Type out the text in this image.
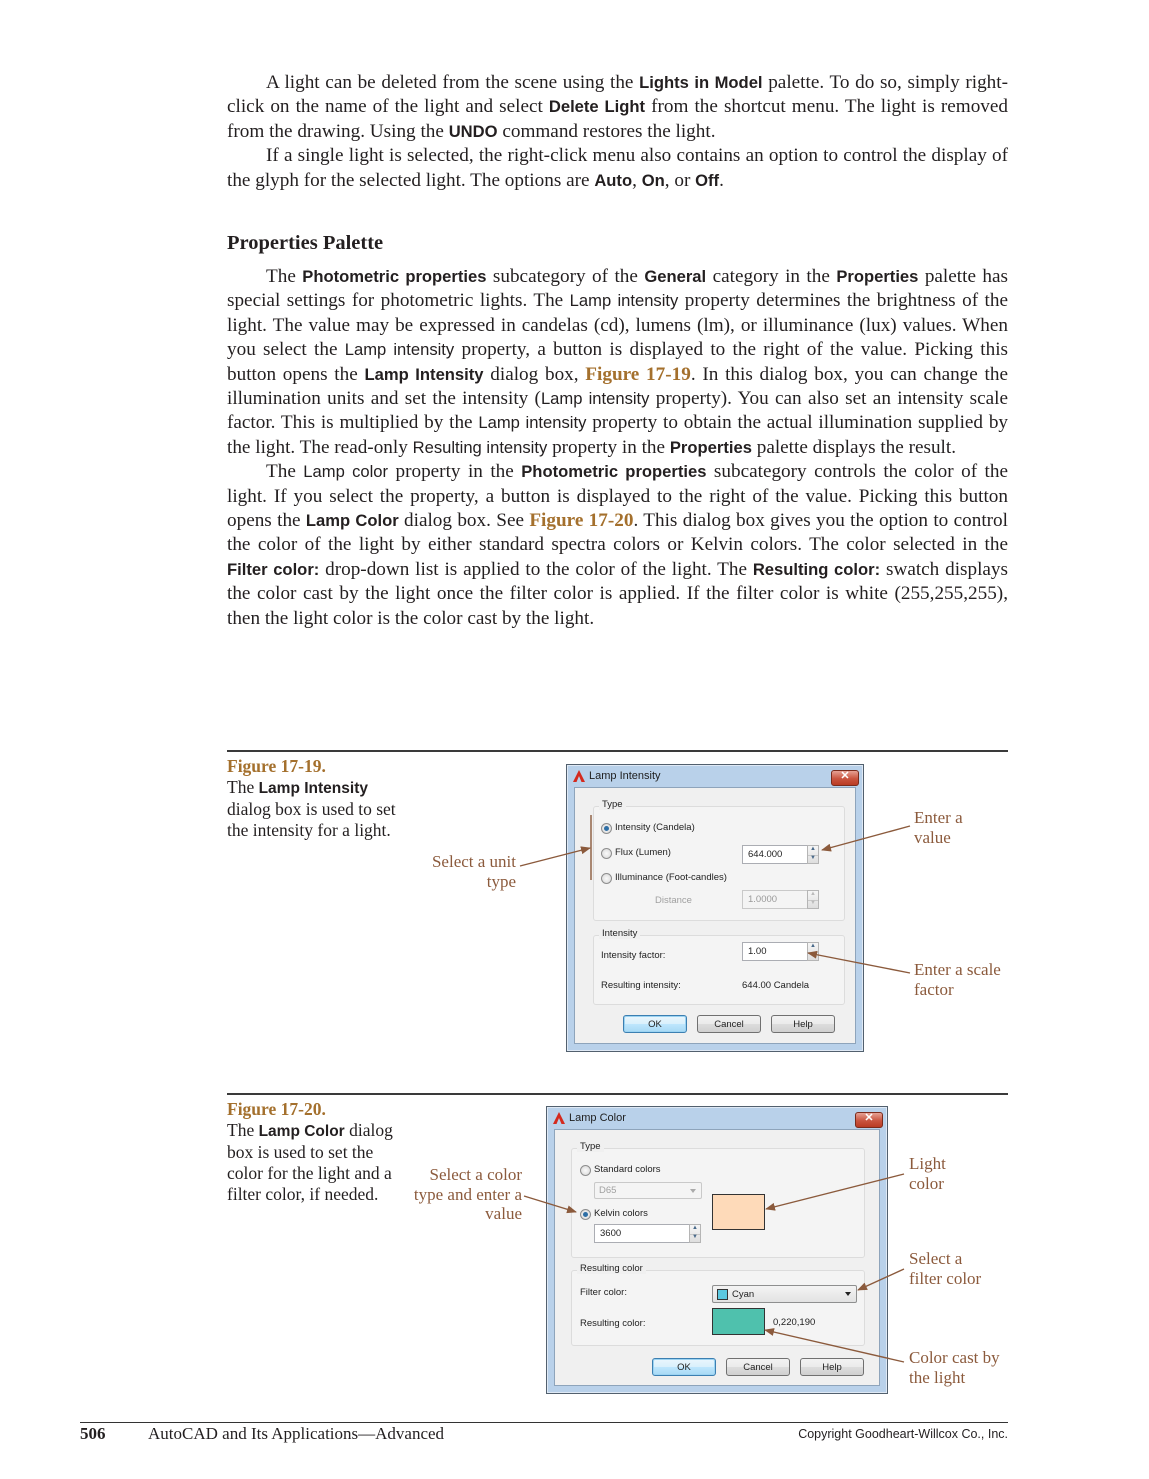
A light can be deleted from the scene using the Lights in Model palette. To do so, simply right-click on the name of the light and select Delete Light from the shortcut menu. The light is removed from the drawing. Using the UNDO command restores the light.

If a single light is selected, the right-click menu also contains an option to control the display of the glyph for the selected light. The options are Auto, On, or Off.

Properties Palette

The Photometric properties subcategory of the General category in the Properties palette has special settings for photometric lights. The Lamp intensity property determines the brightness of the light. The value may be expressed in candelas (cd), lumens (lm), or illuminance (lux) values. When you select the Lamp intensity property, a button is displayed to the right of the value. Picking this button opens the Lamp Intensity dialog box, Figure 17-19. In this dialog box, you can change the illumination units and set the intensity (Lamp intensity property). You can also set an intensity scale factor. This is multiplied by the Lamp intensity property to obtain the actual illumination supplied by the light. The read-only Resulting intensity property in the Properties palette displays the result.

The Lamp color property in the Photometric properties subcategory controls the color of the light. If you select the property, a button is displayed to the right of the value. Picking this button opens the Lamp Color dialog box. See Figure 17-20. This dialog box gives you the option to control the color of the light by either standard spectra colors or Kelvin colors. The color selected in the Filter color: drop-down list is applied to the color of the light. The Resulting color: swatch displays the color cast by the light once the filter color is applied. If the filter color is white (255,255,255), then the light color is the color cast by the light.

Figure 17-19.
The Lamp Intensity dialog box is used to set the intensity for a light.
Select a unit type
Enter a value
Enter a scale factor
Lamp Intensity	✕
Type
Intensity (Candela)
Flux (Lumen)
Illuminance (Foot-candles)
644.000	▲
▼
Distance	1.0000	▲
▼
Intensity
Intensity factor:	1.00	▲
▼
Resulting intensity:	644.00 Candela
OK	Cancel	Help
Figure 17-20.
The Lamp Color dialog box is used to set the color for the light and a filter color, if needed.
Select a color type and enter a value
Light color
Select a filter color
Color cast by the light
Lamp Color	✕
Type
Standard colors
D65
Kelvin colors
3600	▲
▼
Resulting color
Filter color:	Cyan
Resulting color:	0,220,190
OK	Cancel	Help
506	AutoCAD and Its Applications—Advanced	Copyright Goodheart-Willcox Co., Inc.
